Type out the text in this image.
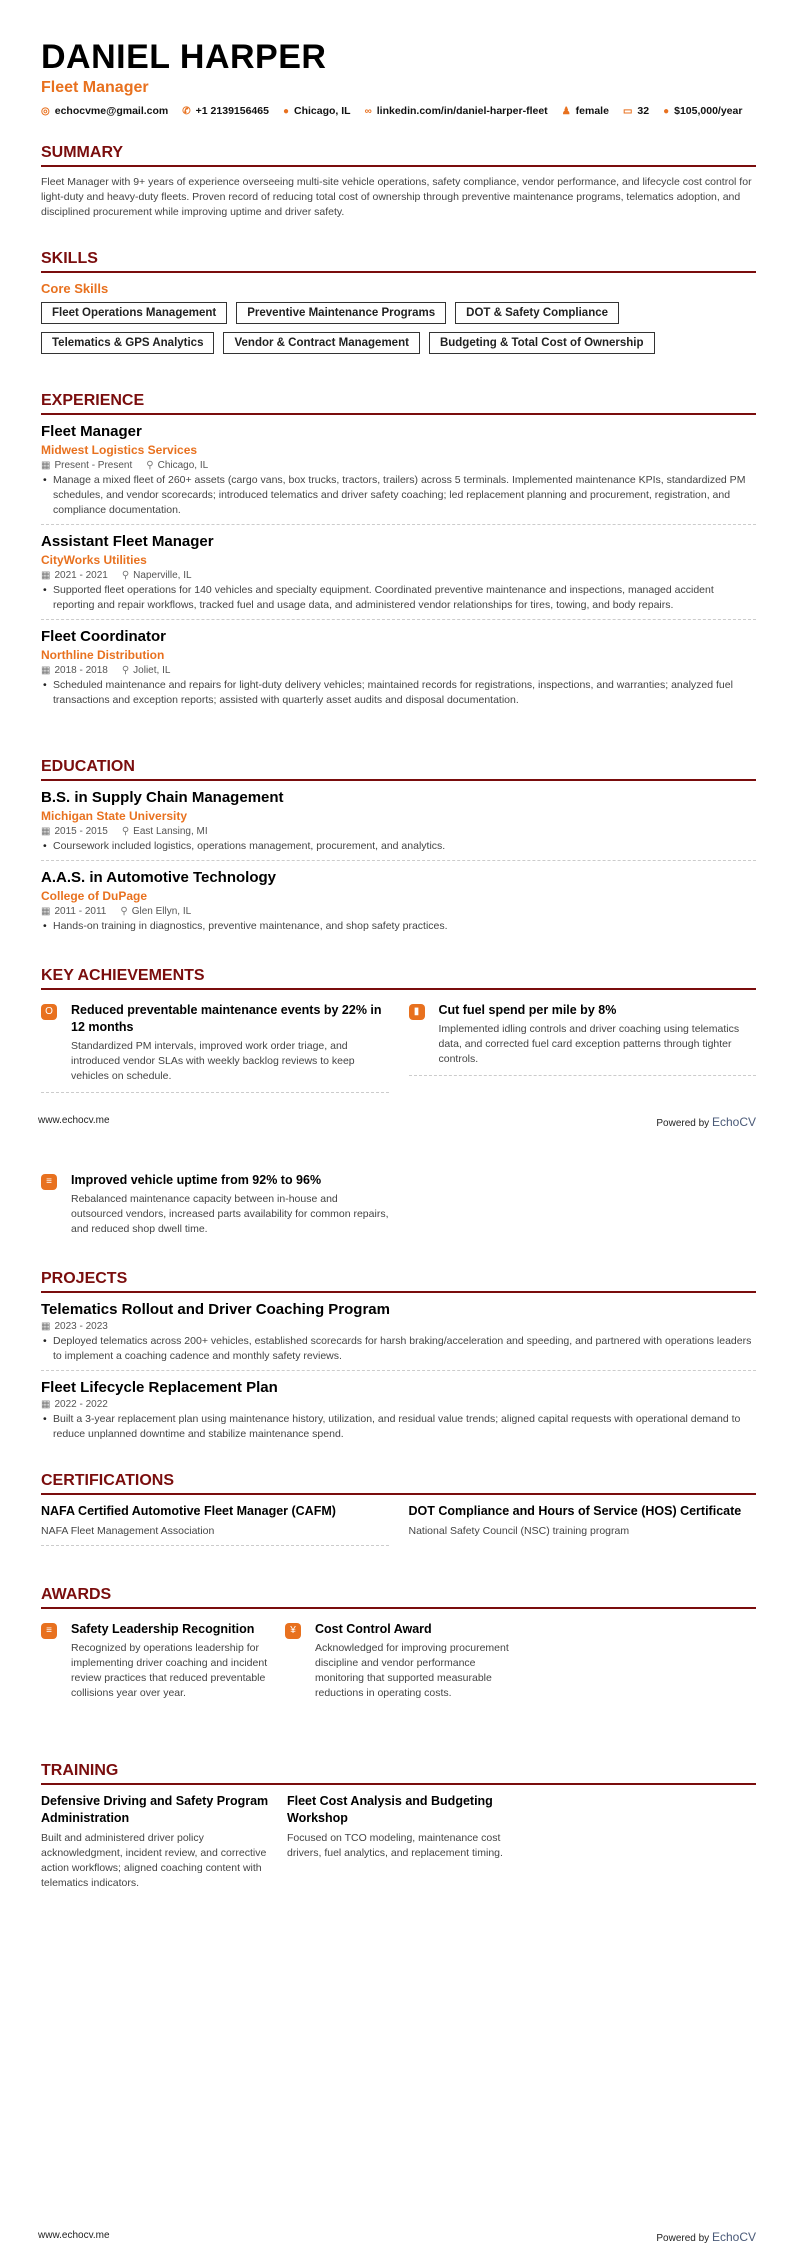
DANIEL HARPER
Fleet Manager
◎ echocvme@gmail.com ✆ +1 2139156465 ● Chicago, IL ∞ linkedin.com/in/daniel-harper-fleet ♟ female ▭ 32 ● $105,000/year
SUMMARY
Fleet Manager with 9+ years of experience overseeing multi-site vehicle operations, safety compliance, vendor performance, and lifecycle cost control for light-duty and heavy-duty fleets. Proven record of reducing total cost of ownership through preventive maintenance programs, telematics adoption, and disciplined procurement while improving uptime and driver safety.
SKILLS
Core Skills
Fleet Operations Management	Preventive Maintenance Programs	DOT & Safety Compliance
Telematics & GPS Analytics	Vendor & Contract Management	Budgeting & Total Cost of Ownership
EXPERIENCE
Fleet Manager
Midwest Logistics Services
▦ Present - Present ⚲ Chicago, IL
• Manage a mixed fleet of 260+ assets (cargo vans, box trucks, tractors, trailers) across 5 terminals. Implemented maintenance KPIs, standardized PM schedules, and vendor scorecards; introduced telematics and driver safety coaching; led replacement planning and procurement, registration, and compliance documentation.
Assistant Fleet Manager
CityWorks Utilities
▦ 2021 - 2021 ⚲ Naperville, IL
• Supported fleet operations for 140 vehicles and specialty equipment. Coordinated preventive maintenance and inspections, managed accident reporting and repair workflows, tracked fuel and usage data, and administered vendor relationships for tires, towing, and body repairs.
Fleet Coordinator
Northline Distribution
▦ 2018 - 2018 ⚲ Joliet, IL
• Scheduled maintenance and repairs for light-duty delivery vehicles; maintained records for registrations, inspections, and warranties; analyzed fuel transactions and exception reports; assisted with quarterly asset audits and disposal documentation.
EDUCATION
B.S. in Supply Chain Management
Michigan State University
▦ 2015 - 2015 ⚲ East Lansing, MI
• Coursework included logistics, operations management, procurement, and analytics.
A.A.S. in Automotive Technology
College of DuPage
▦ 2011 - 2011 ⚲ Glen Ellyn, IL
• Hands-on training in diagnostics, preventive maintenance, and shop safety practices.
KEY ACHIEVEMENTS
O	Reduced preventable maintenance events by 22% in 12 months
Standardized PM intervals, improved work order triage, and introduced vendor SLAs with weekly backlog reviews to keep vehicles on schedule.
▮	Cut fuel spend per mile by 8%
Implemented idling controls and driver coaching using telematics data, and corrected fuel card exception patterns through tighter controls.
www.echocv.me	Powered by EchoCV
≡	Improved vehicle uptime from 92% to 96%
Rebalanced maintenance capacity between in-house and outsourced vendors, increased parts availability for common repairs, and reduced shop dwell time.
PROJECTS
Telematics Rollout and Driver Coaching Program
▦ 2023 - 2023
• Deployed telematics across 200+ vehicles, established scorecards for harsh braking/acceleration and speeding, and partnered with operations leaders to implement a coaching cadence and monthly safety reviews.
Fleet Lifecycle Replacement Plan
▦ 2022 - 2022
• Built a 3-year replacement plan using maintenance history, utilization, and residual value trends; aligned capital requests with operational demand to reduce unplanned downtime and stabilize maintenance spend.
CERTIFICATIONS
NAFA Certified Automotive Fleet Manager (CAFM)
NAFA Fleet Management Association
DOT Compliance and Hours of Service (HOS) Certificate
National Safety Council (NSC) training program
AWARDS
≡	Safety Leadership Recognition
Recognized by operations leadership for implementing driver coaching and incident review practices that reduced preventable collisions year over year.
¥	Cost Control Award
Acknowledged for improving procurement discipline and vendor performance monitoring that supported measurable reductions in operating costs.
TRAINING
Defensive Driving and Safety Program Administration
Built and administered driver policy acknowledgment, incident review, and corrective action workflows; aligned coaching content with telematics indicators.
Fleet Cost Analysis and Budgeting Workshop
Focused on TCO modeling, maintenance cost drivers, fuel analytics, and replacement timing.
www.echocv.me	Powered by EchoCV
